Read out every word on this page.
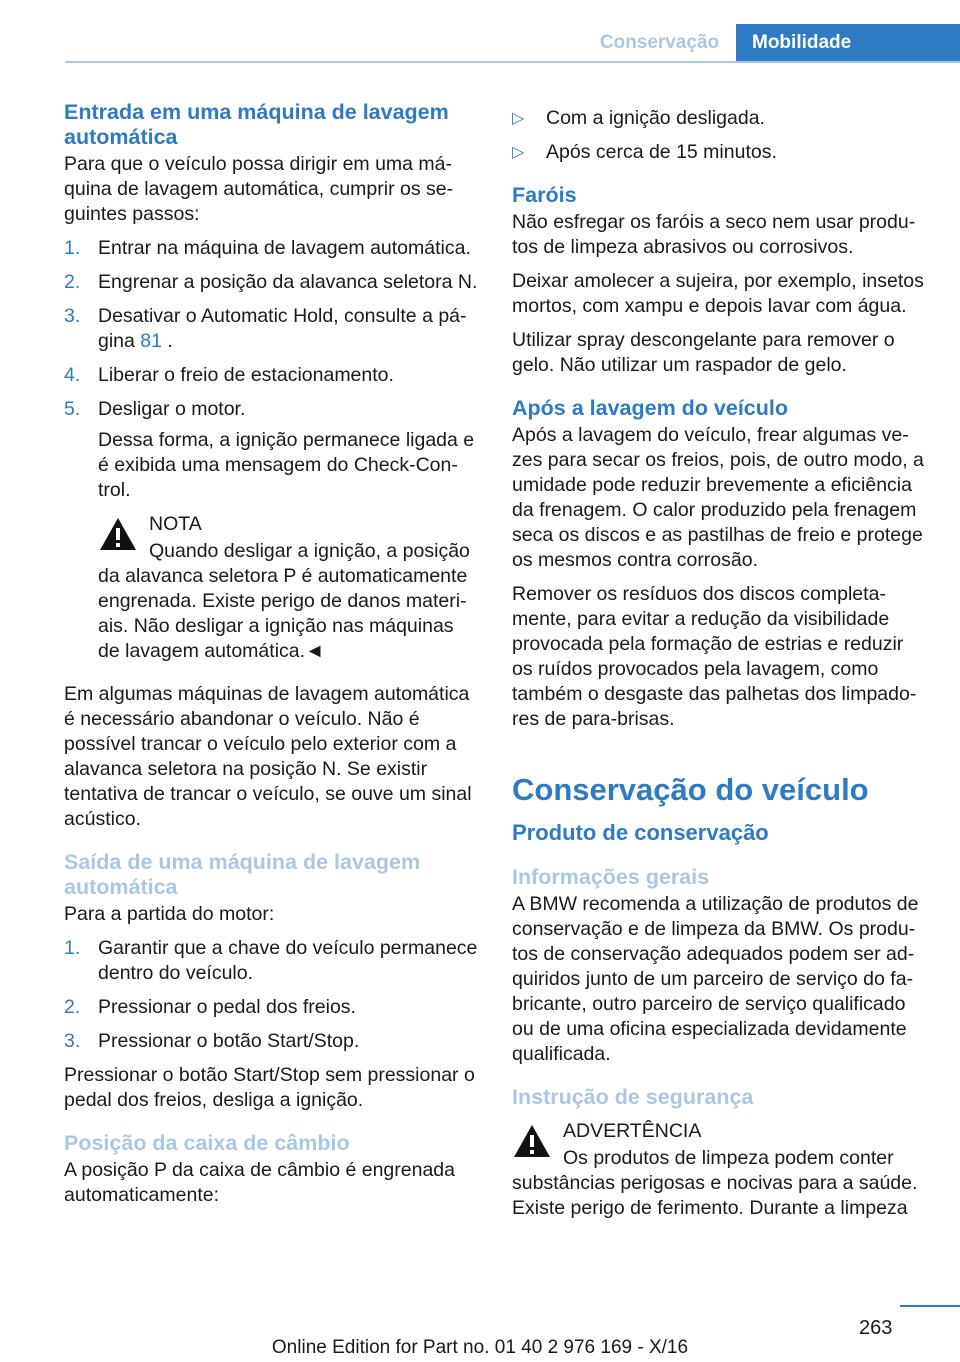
Conservação	Mobilidade
Entrada em uma máquina de lavagem automática

Para que o veículo possa dirigir em uma máquina de lavagem automática, cumprir os seguintes passos:

1. Entrar na máquina de lavagem automática.
2. Engrenar a posição da alavanca seletora N.
3. Desativar o Automatic Hold, consulte a página 81 .
4. Liberar o freio de estacionamento.
5. Desligar o motor.

Dessa forma, a ignição permanece ligada e é exibida uma mensagem do Check-Control.

NOTA
Quando desligar a ignição, a posição da alavanca seletora P é automaticamente engrenada. Existe perigo de danos materiais. Não desligar a ignição nas máquinas de lavagem automática.◄

Em algumas máquinas de lavagem automática é necessário abandonar o veículo. Não é possível trancar o veículo pelo exterior com a alavanca seletora na posição N. Se existir tentativa de trancar o veículo, se ouve um sinal acústico.

Saída de uma máquina de lavagem automática

Para a partida do motor:

1. Garantir que a chave do veículo permanece dentro do veículo.
2. Pressionar o pedal dos freios.
3. Pressionar o botão Start/Stop.

Pressionar o botão Start/Stop sem pressionar o pedal dos freios, desliga a ignição.

Posição da caixa de câmbio

A posição P da caixa de câmbio é engrenada automaticamente:

▷	Com a ignição desligada.
▷	Após cerca de 15 minutos.
Faróis

Não esfregar os faróis a seco nem usar produtos de limpeza abrasivos ou corrosivos.

Deixar amolecer a sujeira, por exemplo, insetos mortos, com xampu e depois lavar com água.

Utilizar spray descongelante para remover o gelo. Não utilizar um raspador de gelo.

Após a lavagem do veículo

Após a lavagem do veículo, frear algumas vezes para secar os freios, pois, de outro modo, a umidade pode reduzir brevemente a eficiência da frenagem. O calor produzido pela frenagem seca os discos e as pastilhas de freio e protege os mesmos contra corrosão.

Remover os resíduos dos discos completamente, para evitar a redução da visibilidade provocada pela formação de estrias e reduzir os ruídos provocados pela lavagem, como também o desgaste das palhetas dos limpadores de para-brisas.

Conservação do veículo
Produto de conservação
Informações gerais

A BMW recomenda a utilização de produtos de conservação e de limpeza da BMW. Os produtos de conservação adequados podem ser adquiridos junto de um parceiro de serviço do fabricante, outro parceiro de serviço qualificado ou de uma oficina especializada devidamente qualificada.

Instrução de segurança
ADVERTÊNCIA
Os produtos de limpeza podem conter substâncias perigosas e nocivas para a saúde. Existe perigo de ferimento. Durante a limpeza
263
Online Edition for Part no. 01 40 2 976 169 - X/16
